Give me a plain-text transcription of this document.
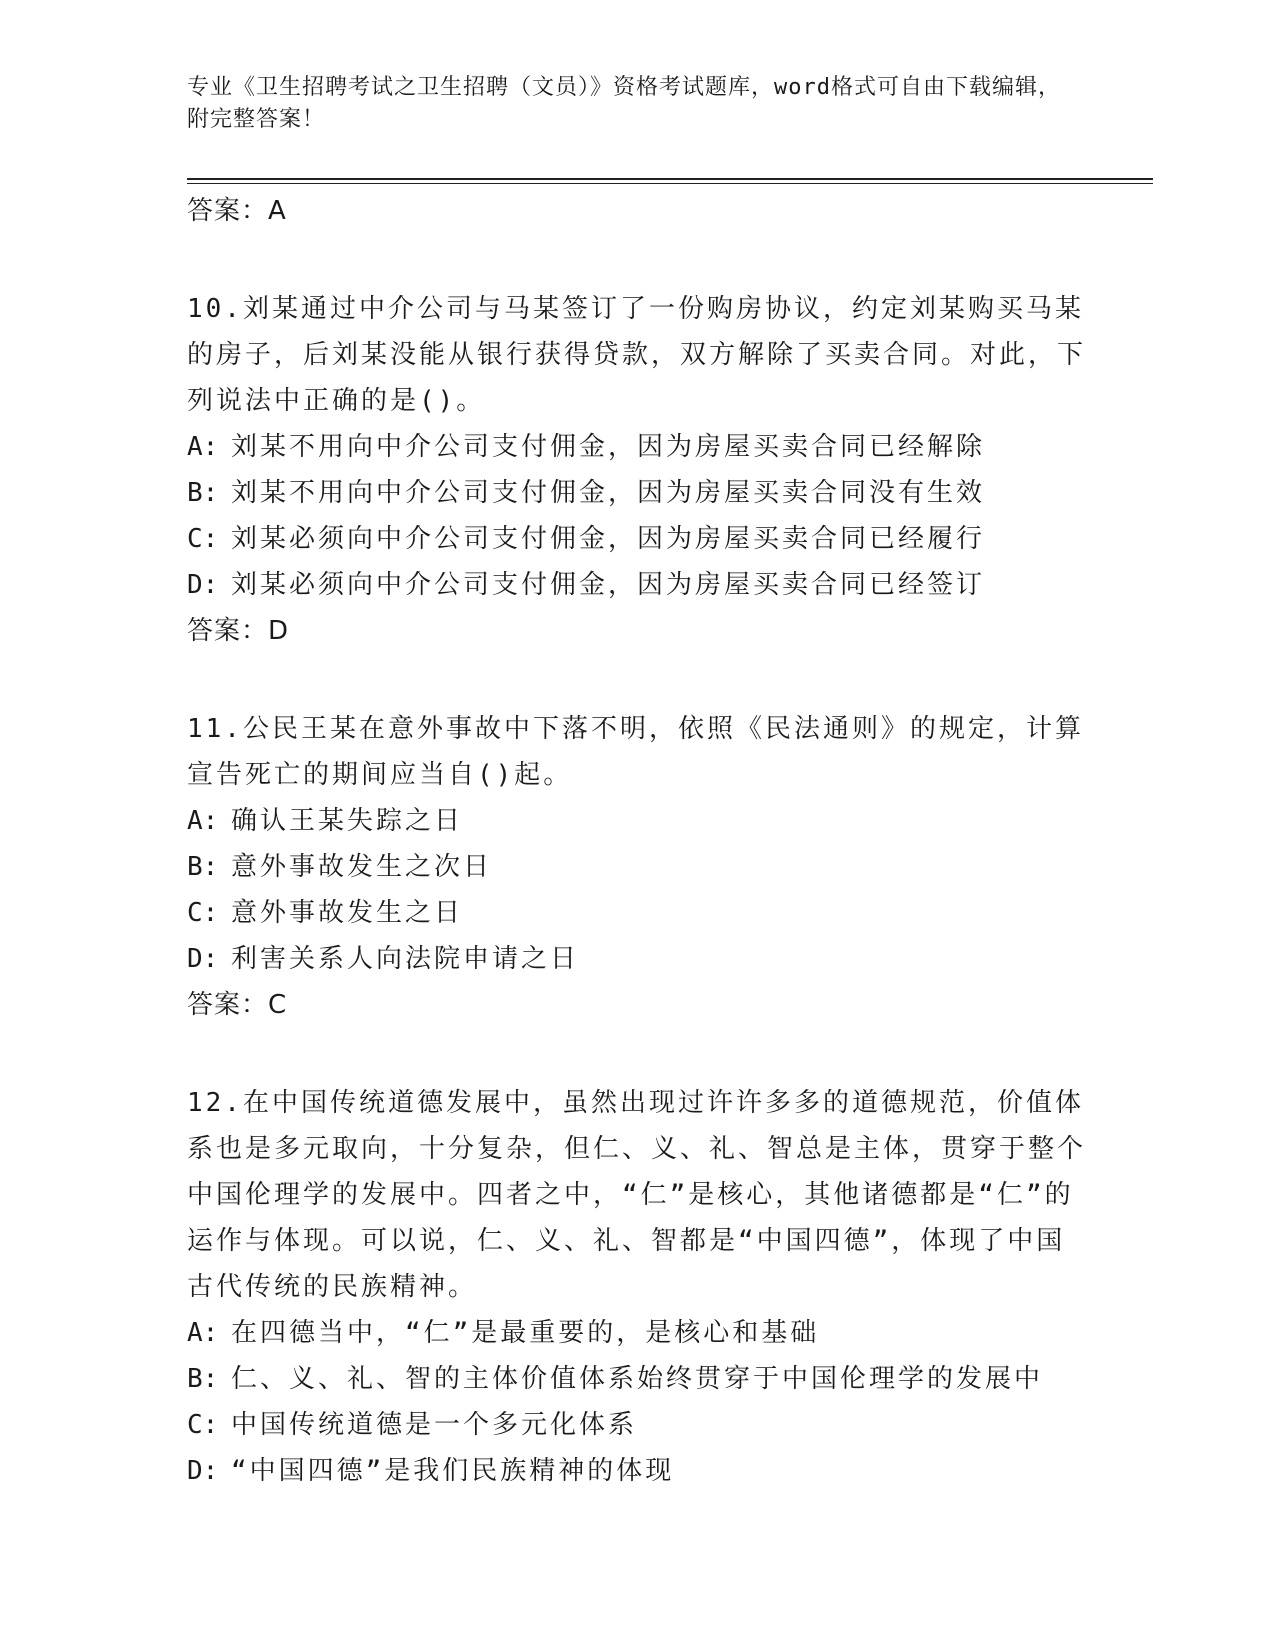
专业《卫生招聘考试之卫生招聘（文员）》资格考试题库，word格式可自由下载编辑，附完整答案！

答案：A

10.刘某通过中介公司与马某签订了一份购房协议，约定刘某购买马某的房子，后刘某没能从银行获得贷款，双方解除了买卖合同。对此，下列说法中正确的是()。

A: 刘某不用向中介公司支付佣金，因为房屋买卖合同已经解除

B: 刘某不用向中介公司支付佣金，因为房屋买卖合同没有生效

C: 刘某必须向中介公司支付佣金，因为房屋买卖合同已经履行

D: 刘某必须向中介公司支付佣金，因为房屋买卖合同已经签订

答案：D

11.公民王某在意外事故中下落不明，依照《民法通则》的规定，计算宣告死亡的期间应当自()起。

A: 确认王某失踪之日

B: 意外事故发生之次日

C: 意外事故发生之日

D: 利害关系人向法院申请之日

答案：C

12.在中国传统道德发展中，虽然出现过许许多多的道德规范，价值体系也是多元取向，十分复杂，但仁、义、礼、智总是主体，贯穿于整个中国伦理学的发展中。四者之中，“仁”是核心，其他诸德都是“仁”的运作与体现。可以说，仁、义、礼、智都是“中国四德”，体现了中国古代传统的民族精神。

A: 在四德当中，“仁”是最重要的，是核心和基础

B: 仁、义、礼、智的主体价值体系始终贯穿于中国伦理学的发展中

C: 中国传统道德是一个多元化体系

D: “中国四德”是我们民族精神的体现
